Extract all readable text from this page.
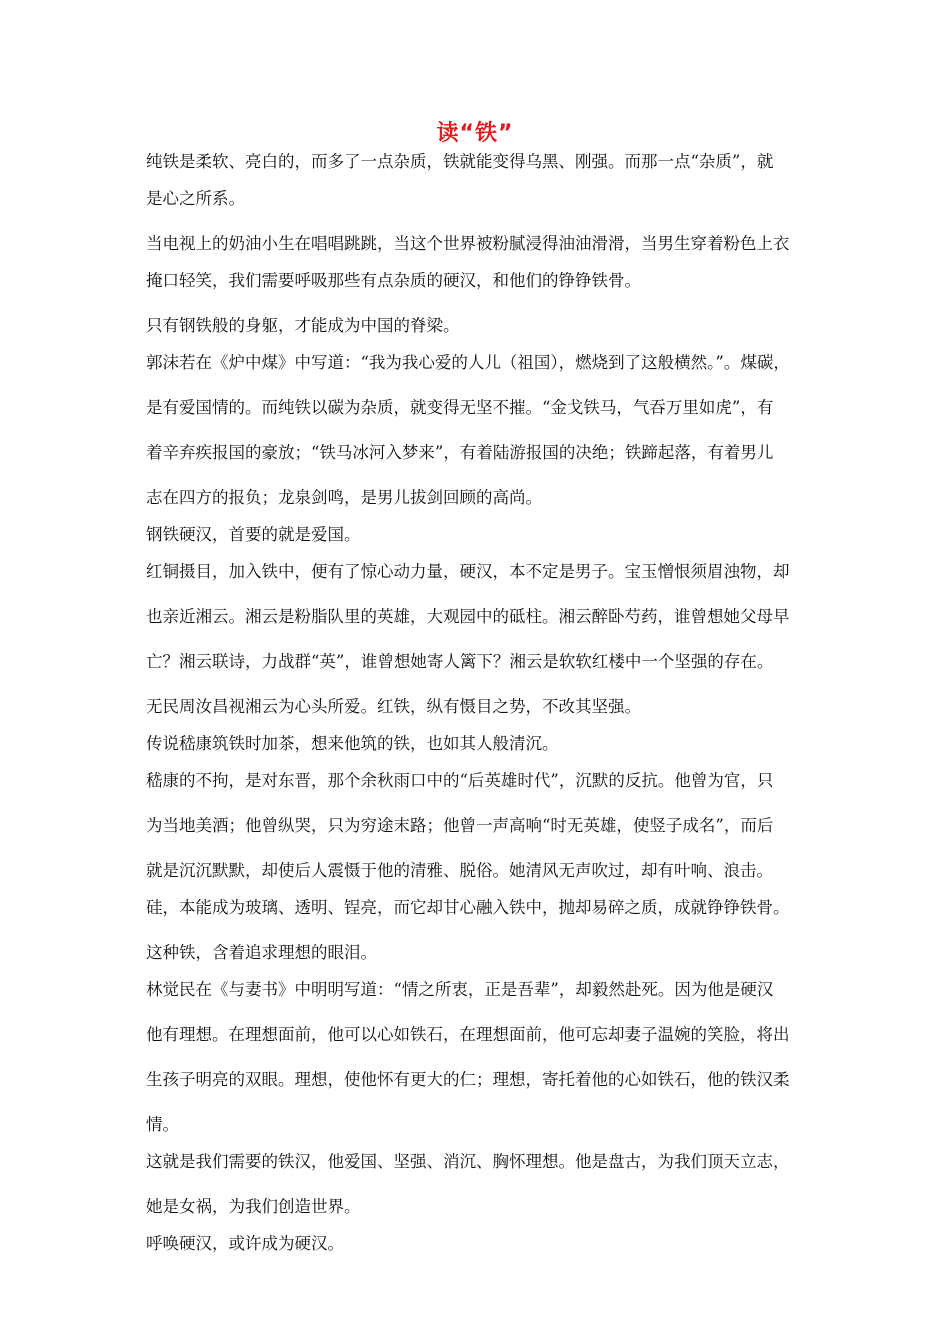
读“铁”
纯铁是柔软、亮白的，而多了一点杂质，铁就能变得乌黑、刚强。而那一点“杂质”，就
是心之所系。
当电视上的奶油小生在唱唱跳跳，当这个世界被粉腻浸得油油滑滑，当男生穿着粉色上衣
掩口轻笑，我们需要呼吸那些有点杂质的硬汉，和他们的铮铮铁骨。
只有钢铁般的身躯，才能成为中国的脊梁。
郭沫若在《炉中煤》中写道：“我为我心爱的人儿（祖国），燃烧到了这般横然。”。煤碳，
是有爱国情的。而纯铁以碳为杂质，就变得无坚不摧。“金戈铁马，气吞万里如虎”，有
着辛弃疾报国的豪放；“铁马冰河入梦来”，有着陆游报国的决绝；铁蹄起落，有着男儿
志在四方的报负；龙泉剑鸣，是男儿拔剑回顾的高尚。
钢铁硬汉，首要的就是爱国。
红铜摄目，加入铁中，便有了惊心动力量，硬汉，本不定是男子。宝玉憎恨须眉浊物，却
也亲近湘云。湘云是粉脂队里的英雄，大观园中的砥柱。湘云醉卧芍药，谁曾想她父母早
亡？湘云联诗，力战群“英”，谁曾想她寄人篱下？湘云是软软红楼中一个坚强的存在。
无民周汝昌视湘云为心头所爱。红铁，纵有慑目之势，不改其坚强。
传说嵇康筑铁时加茶，想来他筑的铁，也如其人般清沉。
嵇康的不拘，是对东晋，那个余秋雨口中的“后英雄时代”，沉默的反抗。他曾为官，只
为当地美酒；他曾纵哭，只为穷途末路；他曾一声高响“时无英雄，使竖子成名”，而后
就是沉沉默默，却使后人震慑于他的清雅、脱俗。她清风无声吹过，却有叶响、浪击。
硅，本能成为玻璃、透明、锃亮，而它却甘心融入铁中，抛却易碎之质，成就铮铮铁骨。
这种铁，含着追求理想的眼泪。
林觉民在《与妻书》中明明写道：“情之所衷，正是吾辈”，却毅然赴死。因为他是硬汉
他有理想。在理想面前，他可以心如铁石，在理想面前，他可忘却妻子温婉的笑脸，将出
生孩子明亮的双眼。理想，使他怀有更大的仁；理想，寄托着他的心如铁石，他的铁汉柔
情。
这就是我们需要的铁汉，他爱国、坚强、消沉、胸怀理想。他是盘古，为我们顶天立志，
她是女祸，为我们创造世界。
呼唤硬汉，或许成为硬汉。
